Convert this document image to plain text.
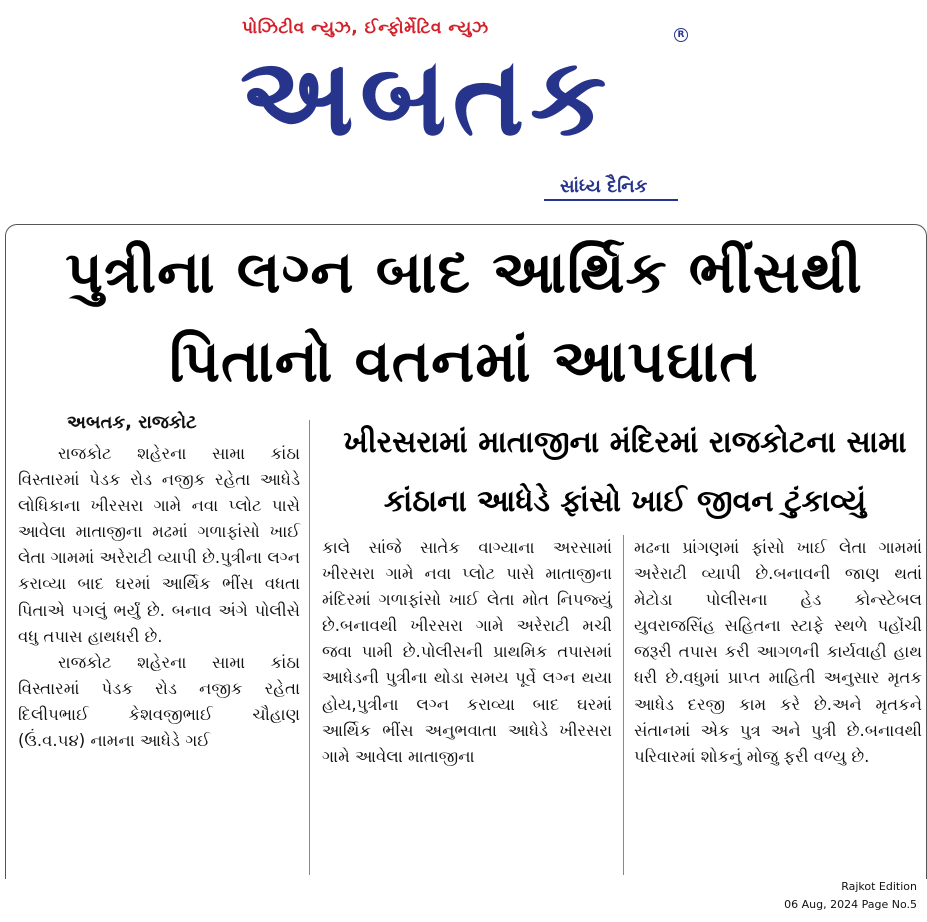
પોઝિટીવ ન્યુઝ, ઈન્ફોર્મેટિવ ન્યુઝ
અબતક	R
સાંધ્ય દૈનિક
પુત્રીના લગ્ન બાદ આર્થિક ભીંસથી
પિતાનો વતનમાં આપઘાત
અબતક, રાજકોટ
ખીરસરામાં માતાજીના મંદિરમાં રાજકોટના સામા
કાંઠાના આધેડે ફાંસો ખાઈ જીવન ટુંકાવ્યું

રાજકોટ શહેરના સામા કાંઠા વિસ્તારમાં પેડક રોડ નજીક રહેતા આધેડે લોધિકાના ખીરસરા ગામે નવા પ્લોટ પાસે આવેલા માતાજીના મઢમાં ગળાફાંસો ખાઈ લેતા ગામમાં અરેરાટી વ્યાપી છે.પુત્રીના લગ્ન કરાવ્યા બાદ ઘરમાં આર્થિક ભીંસ વધતા પિતાએ પગલું ભર્યું છે. બનાવ અંગે પોલીસે વધુ તપાસ હાથધરી છે.

રાજકોટ શહેરના સામા કાંઠા વિસ્તારમાં પેડક રોડ નજીક રહેતા દિલીપભાઈ કેશવજીભાઈ ચૌહાણ (ઉં.વ.૫૪) નામના આધેડે ગઈ

કાલે સાંજે સાતેક વાગ્યાના અરસામાં ખીરસરા ગામે નવા પ્લોટ પાસે માતાજીના મંદિરમાં ગળાફાંસો ખાઈ લેતા મોત નિપજ્યું છે.બનાવથી ખીરસરા ગામે અરેરાટી મચી જવા પામી છે.પોલીસની પ્રાથમિક તપાસમાં આધેડની પુત્રીના થોડા સમય પૂર્વે લગ્ન થયા હોય,પુત્રીના લગ્ન કરાવ્યા બાદ ઘરમાં આર્થિક ભીંસ અનુભવાતા આધેડે ખીરસરા ગામે આવેલા માતાજીના

મઢના પ્રાંગણમાં ફાંસો ખાઈ લેતા ગામમાં અરેરાટી વ્યાપી છે.બનાવની જાણ થતાં મેટોડા પોલીસના હેડ કોન્સ્ટેબલ યુવરાજસિંહ સહિતના સ્ટાફે સ્થળે પહોંચી જરૂરી તપાસ કરી આગળની કાર્યવાહી હાથ ધરી છે.વધુમાં પ્રાપ્ત માહિતી અનુસાર મૃતક આધેડ દરજી કામ કરે છે.અને મૃતકને સંતાનમાં એક પુત્ર અને પુત્રી છે.બનાવથી પરિવારમાં શોકનું મોજુ ફરી વળ્યુ છે.

Rajkot Edition
06 Aug, 2024 Page No.5
